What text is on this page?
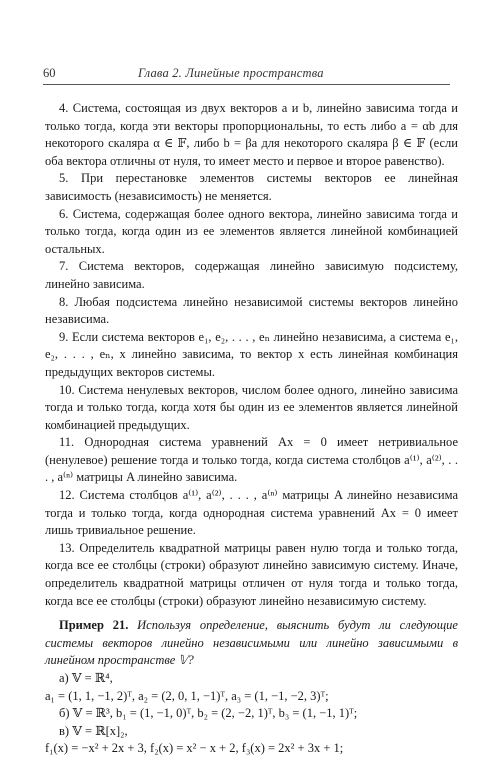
60	Глава 2. Линейные пространства

4. Система, состоящая из двух векторов a и b, линейно зависима тогда и только тогда, когда эти векторы пропорциональны, то есть либо a = αb для некоторого скаляра α ∈ 𝔽, либо b = βa для некоторого скаляра β ∈ 𝔽 (если оба вектора отличны от нуля, то имеет место и первое и второе равенство).

5. При перестановке элементов системы векторов ее линейная зависимость (независимость) не меняется.

6. Система, содержащая более одного вектора, линейно зависима тогда и только тогда, когда один из ее элементов является линейной комбинацией остальных.

7. Система векторов, содержащая линейно зависимую подсистему, линейно зависима.

8. Любая подсистема линейно независимой системы векторов линейно независима.

9. Если система векторов e₁, e₂, . . . , eₙ линейно независима, а система e₁, e₂, . . . , eₙ, x линейно зависима, то вектор x есть линейная комбинация предыдущих векторов системы.

10. Система ненулевых векторов, числом более одного, линейно зависима тогда и только тогда, когда хотя бы один из ее элементов является линейной комбинацией предыдущих.

11. Однородная система уравнений Ax = 0 имеет нетривиальное (ненулевое) решение тогда и только тогда, когда система столбцов a⁽¹⁾, a⁽²⁾, . . . , a⁽ⁿ⁾ матрицы A линейно зависима.

12. Система столбцов a⁽¹⁾, a⁽²⁾, . . . , a⁽ⁿ⁾ матрицы A линейно независима тогда и только тогда, когда однородная система уравнений Ax = 0 имеет лишь тривиальное решение.

13. Определитель квадратной матрицы равен нулю тогда и только тогда, когда все ее столбцы (строки) образуют линейно зависимую систему. Иначе, определитель квадратной матрицы отличен от нуля тогда и только тогда, когда все ее столбцы (строки) образуют линейно независимую систему.

Пример 21. Используя определение, выяснить будут ли следующие системы векторов линейно независимыми или линейно зависимыми в линейном пространстве 𝕍?

а) 𝕍 = ℝ⁴,

a₁ = (1, 1, −1, 2)ᵀ, a₂ = (2, 0, 1, −1)ᵀ, a₃ = (1, −1, −2, 3)ᵀ;

б) 𝕍 = ℝ³, b₁ = (1, −1, 0)ᵀ, b₂ = (2, −2, 1)ᵀ, b₃ = (1, −1, 1)ᵀ;

в) 𝕍 = ℝ[x]₂,

f₁(x) = −x² + 2x + 3, f₂(x) = x² − x + 2, f₃(x) = 2x² + 3x + 1;
